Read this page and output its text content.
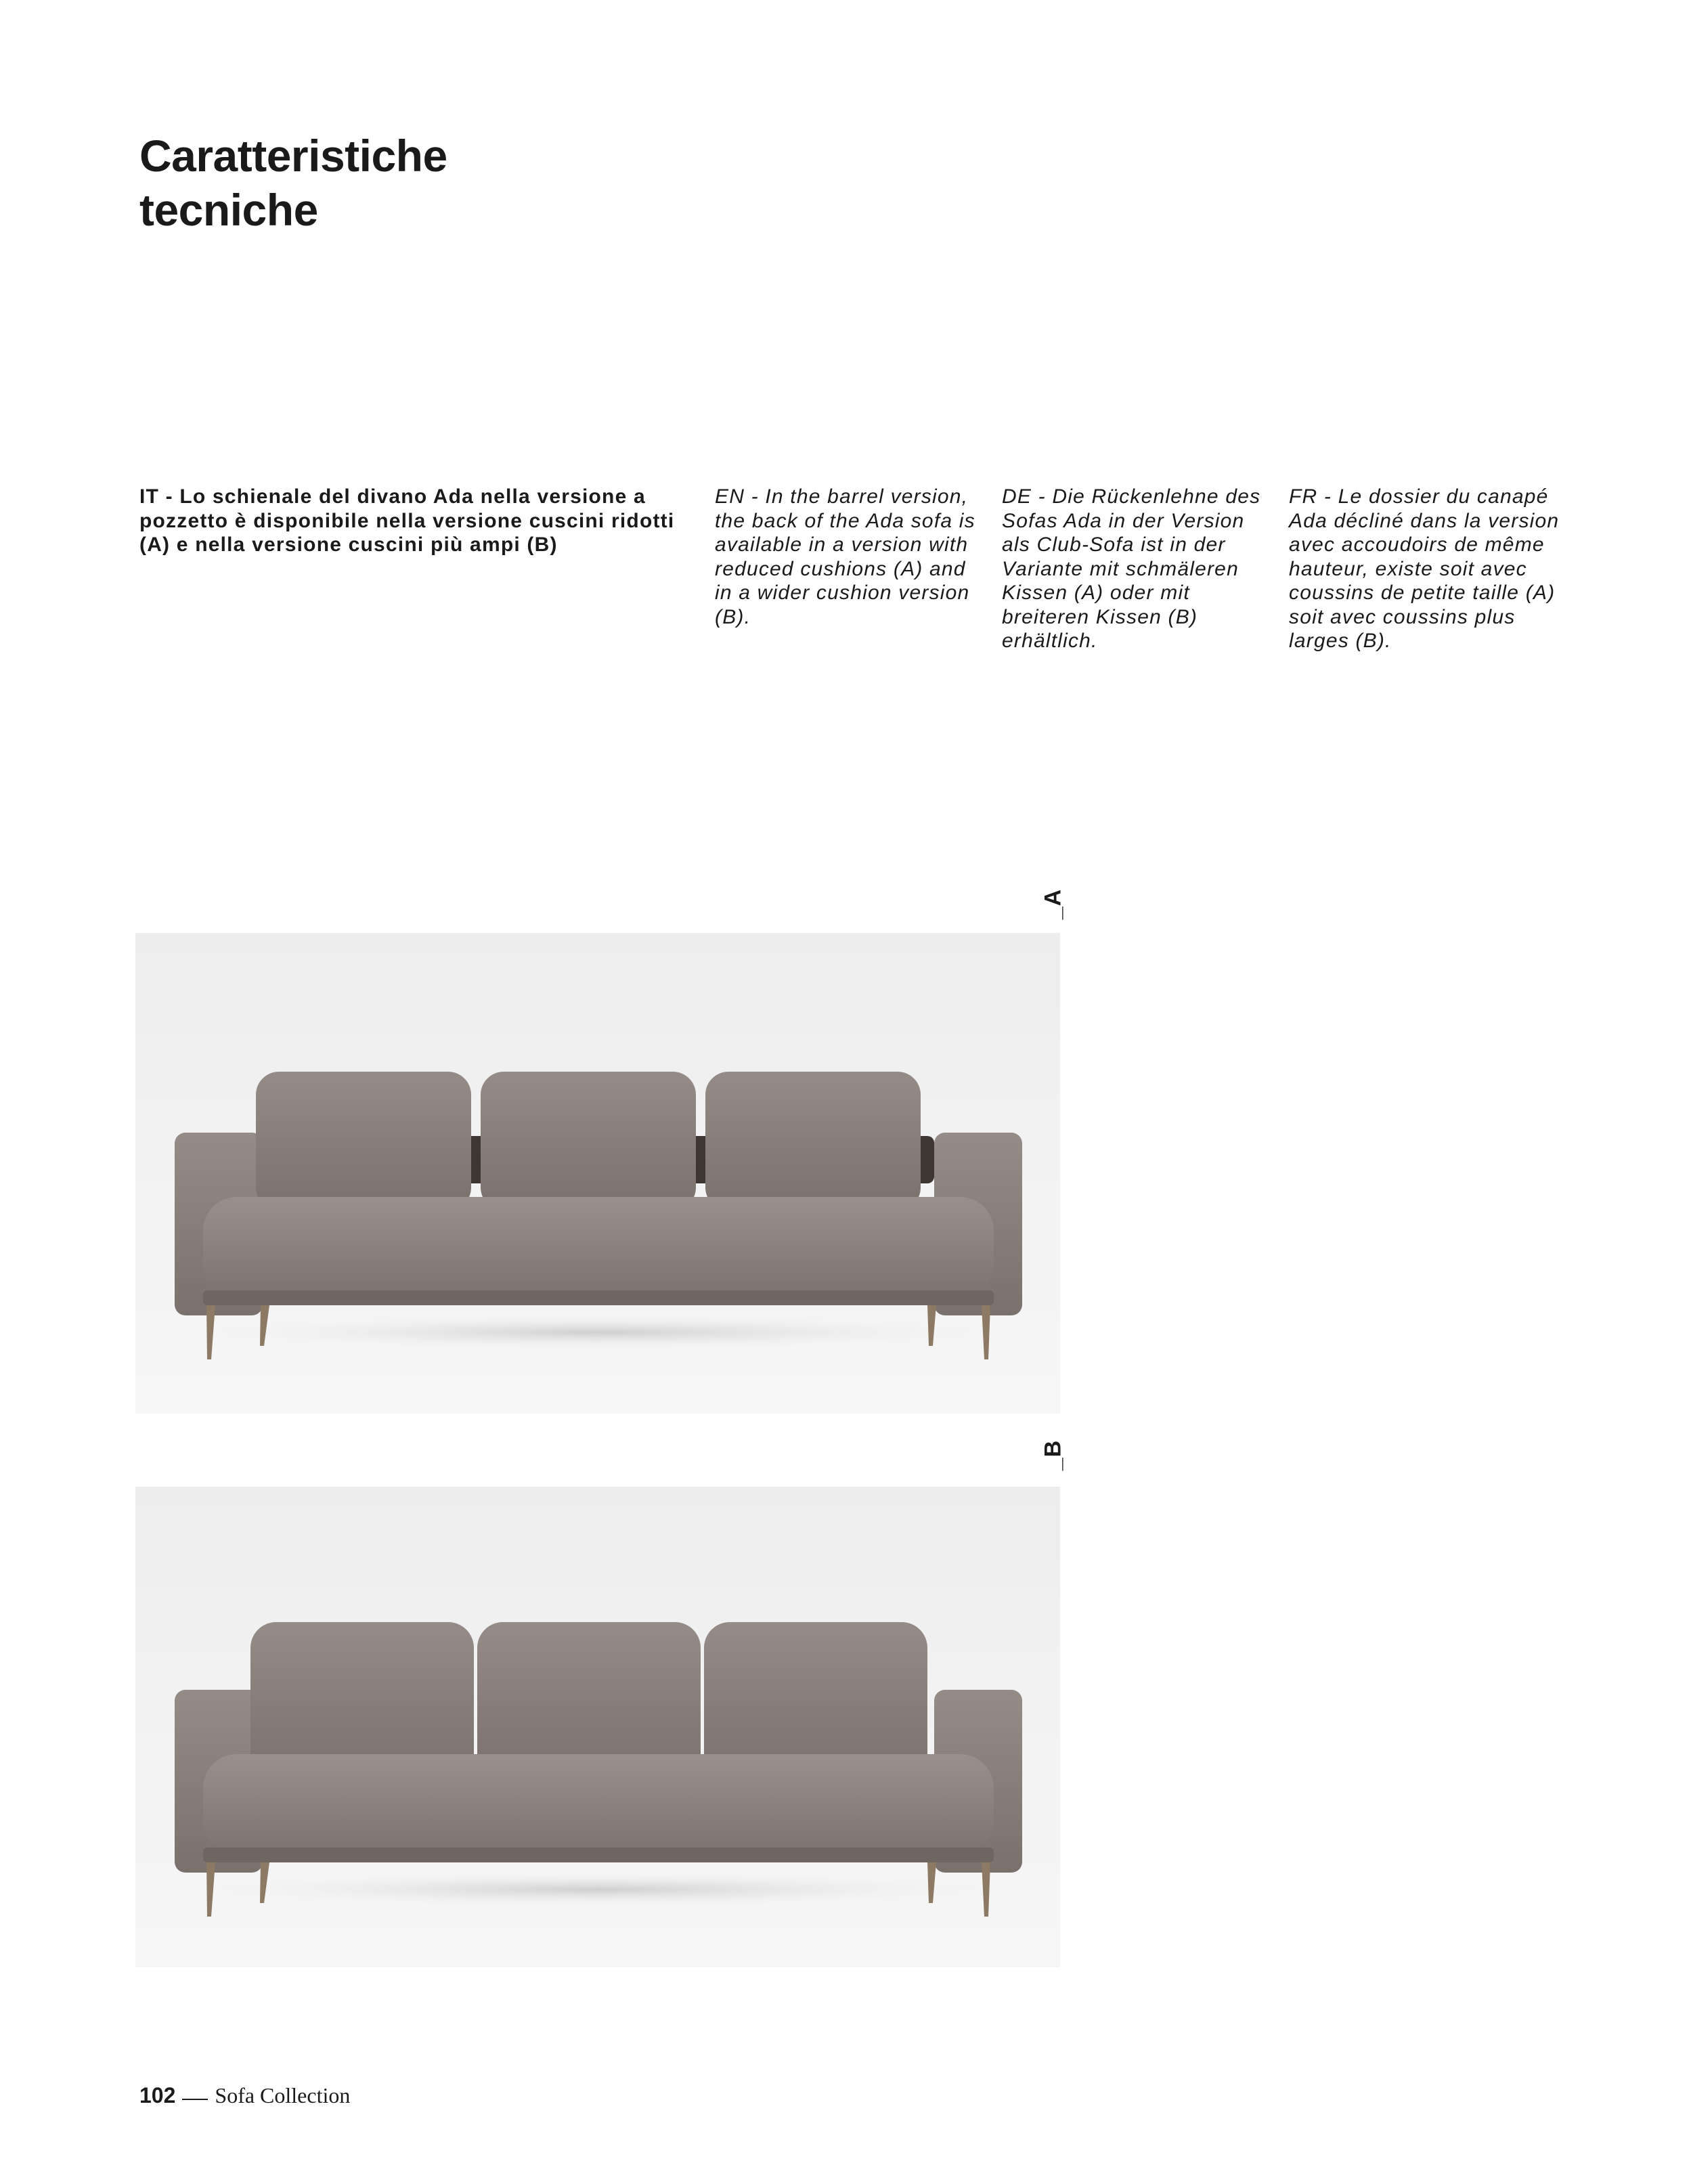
Caratteristiche
tecniche

IT - Lo schienale del divano Ada nella versione a pozzetto è disponibile nella versione cuscini ridotti (A) e nella versione cuscini più ampi (B)

EN - In the barrel version, the back of the Ada sofa is available in a version with reduced cushions (A) and in a wider cushion version (B).

DE - Die Rückenlehne des Sofas Ada in der Version als Club-Sofa ist in der Variante mit schmäleren Kissen (A) oder mit breiteren Kissen (B) erhältlich.

FR - Le dossier du canapé Ada décliné dans la version avec accoudoirs de même hauteur, existe soit avec coussins de petite taille (A) soit avec coussins plus larges (B).

_A
_B
102 Sofa Collection
